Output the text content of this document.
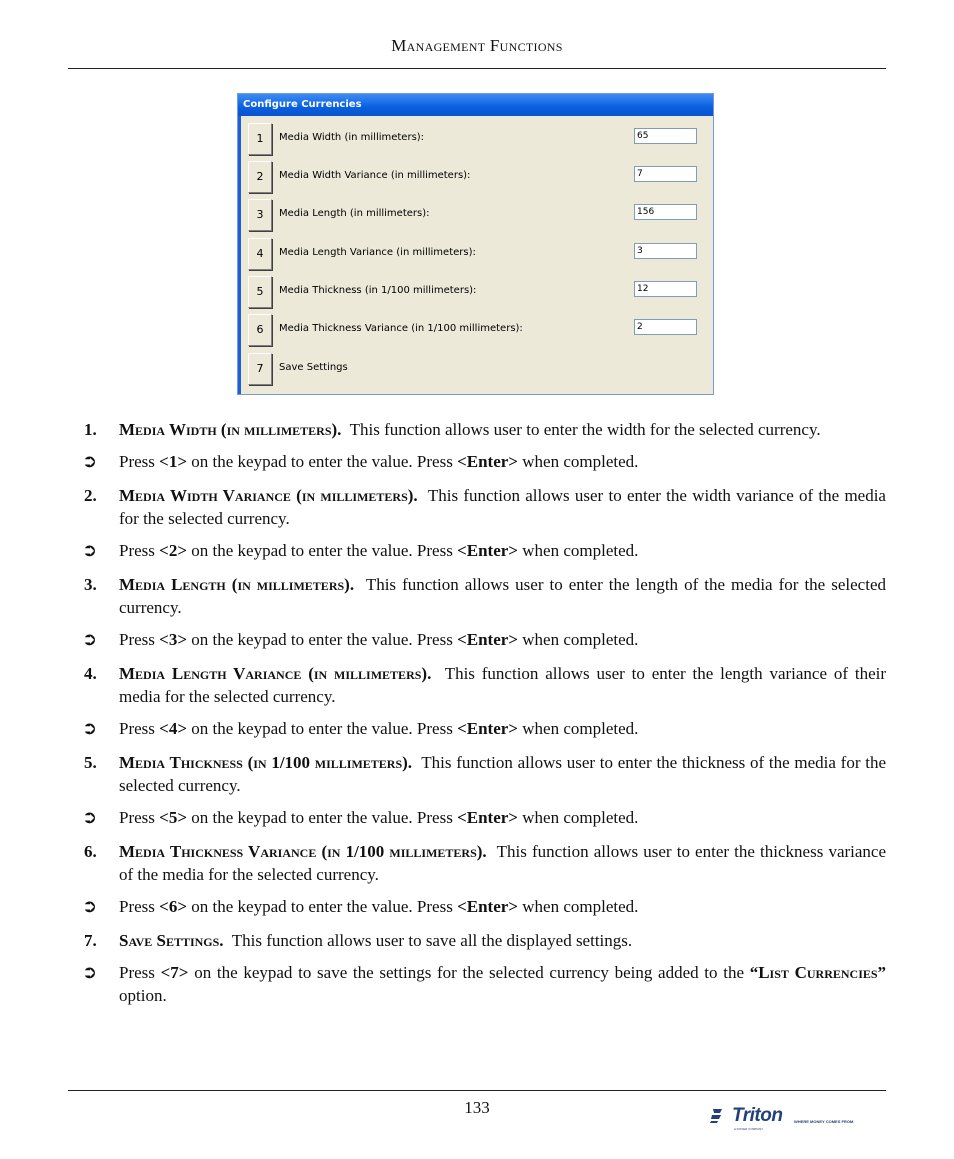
Management Functions
Configure Currencies
1	Media Width (in millimeters):	65
2	Media Width Variance (in millimeters):	7
3	Media Length (in millimeters):	156
4	Media Length Variance (in millimeters):	3
5	Media Thickness (in 1/100 millimeters):	12
6	Media Thickness Variance (in 1/100 millimeters):	2
7	Save Settings
1. Media Width (in millimeters). This function allows user to enter the width for the selected currency.
➲ Press <1> on the keypad to enter the value. Press <Enter> when completed.
2. Media Width Variance (in millimeters). This function allows user to enter the width variance of the media for the selected currency.
➲ Press <2> on the keypad to enter the value. Press <Enter> when completed.
3. Media Length (in millimeters). This function allows user to enter the length of the media for the selected currency.
➲ Press <3> on the keypad to enter the value. Press <Enter> when completed.
4. Media Length Variance (in millimeters). This function allows user to enter the length variance of their media for the selected currency.
➲ Press <4> on the keypad to enter the value. Press <Enter> when completed.
5. Media Thickness (in 1/100 millimeters). This function allows user to enter the thickness of the media for the selected currency.
➲ Press <5> on the keypad to enter the value. Press <Enter> when completed.
6. Media Thickness Variance (in 1/100 millimeters). This function allows user to enter the thickness variance of the media for the selected currency.
➲ Press <6> on the keypad to enter the value. Press <Enter> when completed.
7. Save Settings. This function allows user to save all the displayed settings.
➲ Press <7> on the keypad to save the settings for the selected currency being added to the “List Currencies” option.
133	Triton	WHERE MONEY COMES FROM.
A DOVER COMPANY
